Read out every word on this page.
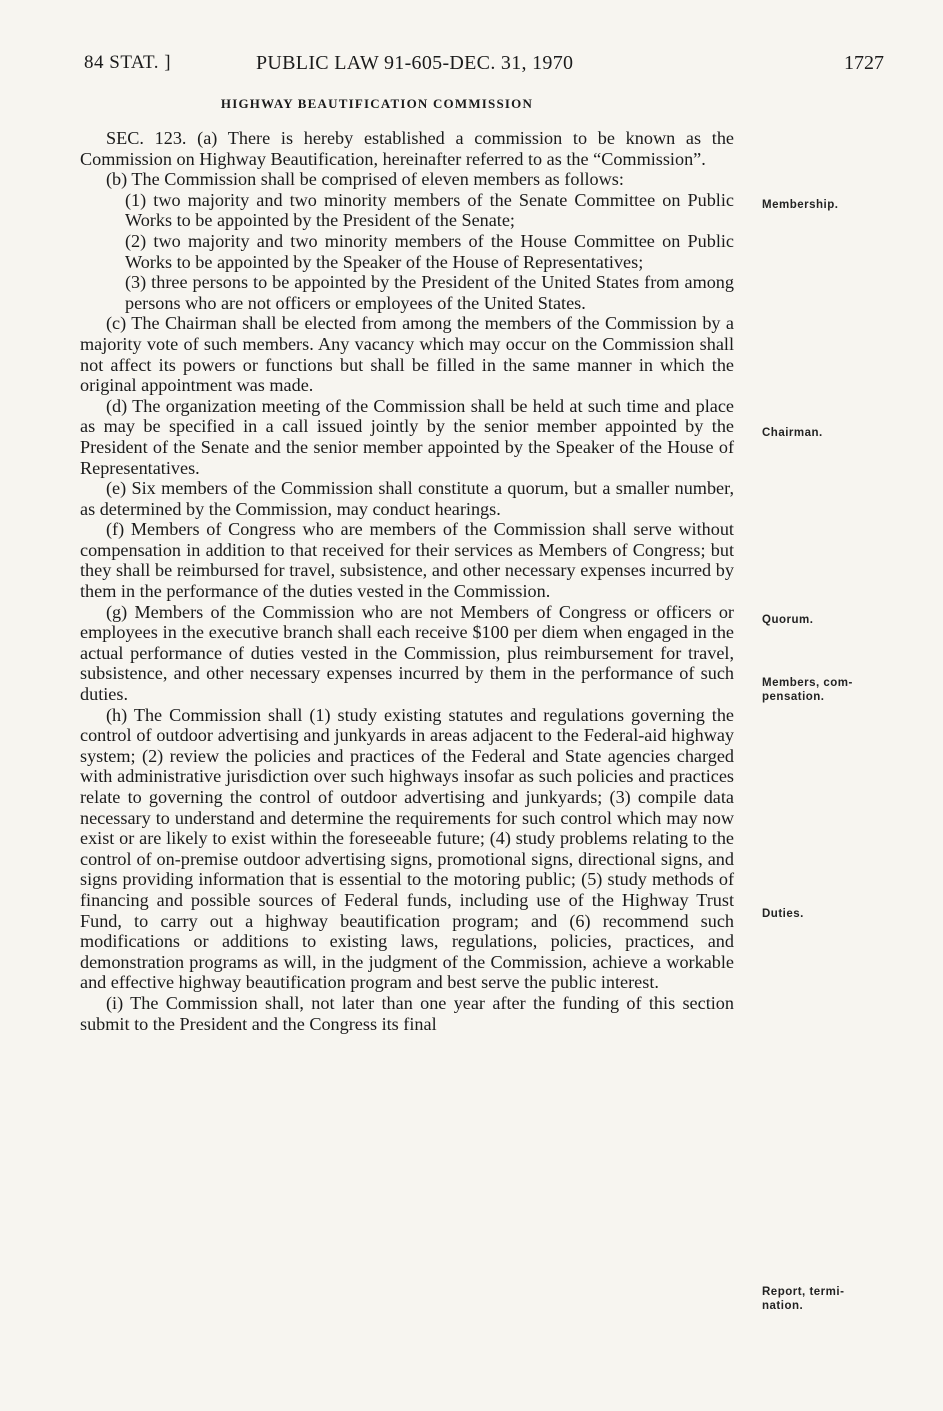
84 STAT. ]	PUBLIC LAW 91-605-DEC. 31, 1970	1727
HIGHWAY BEAUTIFICATION COMMISSION

SEC. 123. (a) There is hereby established a commission to be known as the Commission on Highway Beautification, hereinafter referred to as the “Commission”.

(b) The Commission shall be comprised of eleven members as follows:

(1) two majority and two minority members of the Senate Committee on Public Works to be appointed by the President of the Senate;

(2) two majority and two minority members of the House Committee on Public Works to be appointed by the Speaker of the House of Representatives;

(3) three persons to be appointed by the President of the United States from among persons who are not officers or employees of the United States.

(c) The Chairman shall be elected from among the members of the Commission by a majority vote of such members. Any vacancy which may occur on the Commission shall not affect its powers or functions but shall be filled in the same manner in which the original appointment was made.

(d) The organization meeting of the Commission shall be held at such time and place as may be specified in a call issued jointly by the senior member appointed by the President of the Senate and the senior member appointed by the Speaker of the House of Representatives.

(e) Six members of the Commission shall constitute a quorum, but a smaller number, as determined by the Commission, may conduct hearings.

(f) Members of Congress who are members of the Commission shall serve without compensation in addition to that received for their services as Members of Congress; but they shall be reimbursed for travel, subsistence, and other necessary expenses incurred by them in the performance of the duties vested in the Commission.

(g) Members of the Commission who are not Members of Congress or officers or employees in the executive branch shall each receive $100 per diem when engaged in the actual performance of duties vested in the Commission, plus reimbursement for travel, subsistence, and other necessary expenses incurred by them in the performance of such duties.

(h) The Commission shall (1) study existing statutes and regulations governing the control of outdoor advertising and junkyards in areas adjacent to the Federal-aid highway system; (2) review the policies and practices of the Federal and State agencies charged with administrative jurisdiction over such highways insofar as such policies and practices relate to governing the control of outdoor advertising and junkyards; (3) compile data necessary to understand and determine the requirements for such control which may now exist or are likely to exist within the foreseeable future; (4) study problems relating to the control of on-premise outdoor advertising signs, promotional signs, directional signs, and signs providing information that is essential to the motoring public; (5) study methods of financing and possible sources of Federal funds, including use of the Highway Trust Fund, to carry out a highway beautification program; and (6) recommend such modifications or additions to existing laws, regulations, policies, practices, and demonstration programs as will, in the judgment of the Commission, achieve a workable and effective highway beautification program and best serve the public interest.

(i) The Commission shall, not later than one year after the funding of this section submit to the President and the Congress its final

Membership.
Chairman.
Quorum.
Members, com-
pensation.
Duties.
Report, termi-
nation.
